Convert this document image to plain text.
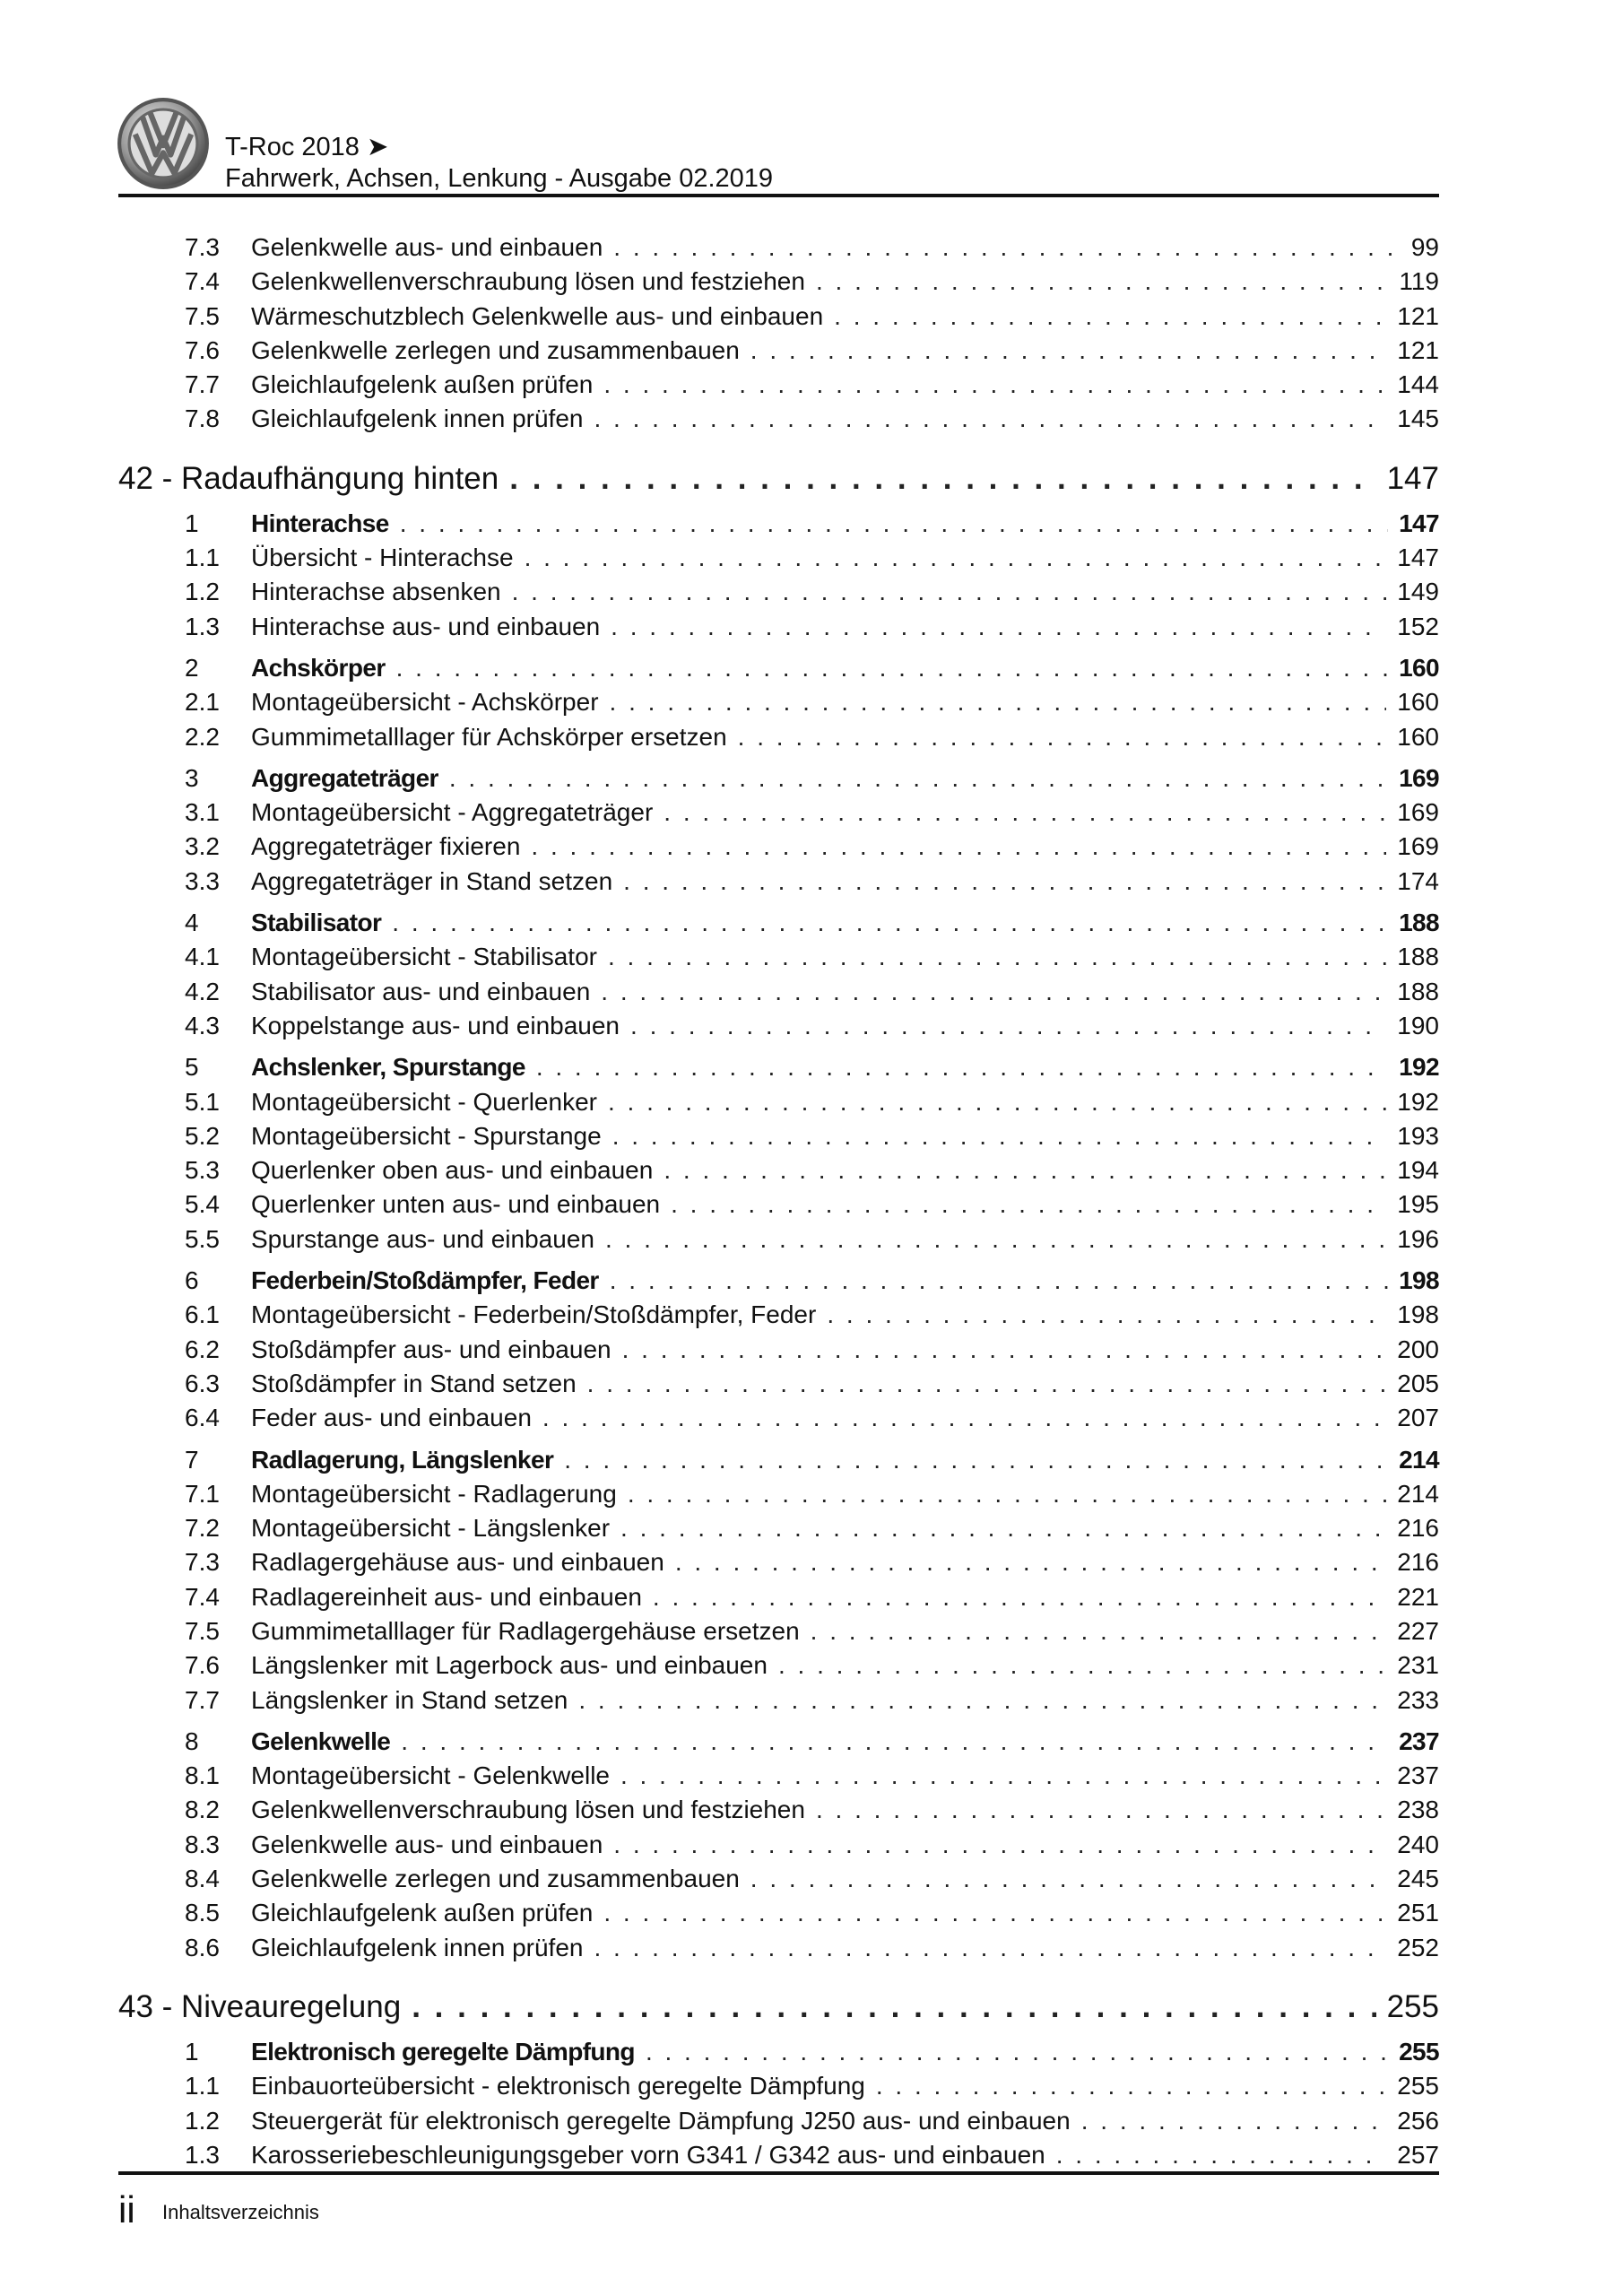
T-Roc 2018 ➤
Fahrwerk, Achsen, Lenkung - Ausgabe 02.2019
7.3	Gelenkwelle aus- und einbauen . . .	99
7.4	Gelenkwellenverschraubung lösen und festziehen . . .	119
7.5	Wärmeschutzblech Gelenkwelle aus- und einbauen . . .	121
7.6	Gelenkwelle zerlegen und zusammenbauen . . .	121
7.7	Gleichlaufgelenk außen prüfen . . .	144
7.8	Gleichlaufgelenk innen prüfen . . .	145
42 - Radaufhängung hinten . . .	147
1	Hinterachse . . .	147
1.1	Übersicht - Hinterachse . . .	147
1.2	Hinterachse absenken . . .	149
1.3	Hinterachse aus- und einbauen . . .	152
2	Achskörper . . .	160
2.1	Montageübersicht - Achskörper . . .	160
2.2	Gummimetalllager für Achskörper ersetzen . . .	160
3	Aggregateträger . . .	169
3.1	Montageübersicht - Aggregateträger . . .	169
3.2	Aggregateträger fixieren . . .	169
3.3	Aggregateträger in Stand setzen . . .	174
4	Stabilisator . . .	188
4.1	Montageübersicht - Stabilisator . . .	188
4.2	Stabilisator aus- und einbauen . . .	188
4.3	Koppelstange aus- und einbauen . . .	190
5	Achslenker, Spurstange . . .	192
5.1	Montageübersicht - Querlenker . . .	192
5.2	Montageübersicht - Spurstange . . .	193
5.3	Querlenker oben aus- und einbauen . . .	194
5.4	Querlenker unten aus- und einbauen . . .	195
5.5	Spurstange aus- und einbauen . . .	196
6	Federbein/Stoßdämpfer, Feder . . .	198
6.1	Montageübersicht - Federbein/Stoßdämpfer, Feder . . .	198
6.2	Stoßdämpfer aus- und einbauen . . .	200
6.3	Stoßdämpfer in Stand setzen . . .	205
6.4	Feder aus- und einbauen . . .	207
7	Radlagerung, Längslenker . . .	214
7.1	Montageübersicht - Radlagerung . . .	214
7.2	Montageübersicht - Längslenker . . .	216
7.3	Radlagergehäuse aus- und einbauen . . .	216
7.4	Radlagereinheit aus- und einbauen . . .	221
7.5	Gummimetalllager für Radlagergehäuse ersetzen . . .	227
7.6	Längslenker mit Lagerbock aus- und einbauen . . .	231
7.7	Längslenker in Stand setzen . . .	233
8	Gelenkwelle . . .	237
8.1	Montageübersicht - Gelenkwelle . . .	237
8.2	Gelenkwellenverschraubung lösen und festziehen . . .	238
8.3	Gelenkwelle aus- und einbauen . . .	240
8.4	Gelenkwelle zerlegen und zusammenbauen . . .	245
8.5	Gleichlaufgelenk außen prüfen . . .	251
8.6	Gleichlaufgelenk innen prüfen . . .	252
43 - Niveauregelung . . .	255
1	Elektronisch geregelte Dämpfung . . .	255
1.1	Einbauorteübersicht - elektronisch geregelte Dämpfung . . .	255
1.2	Steuergerät für elektronisch geregelte Dämpfung J250 aus- und einbauen . . .	256
1.3	Karosseriebeschleunigungsgeber vorn G341 / G342 aus- und einbauen . . .	257
ii Inhaltsverzeichnis
